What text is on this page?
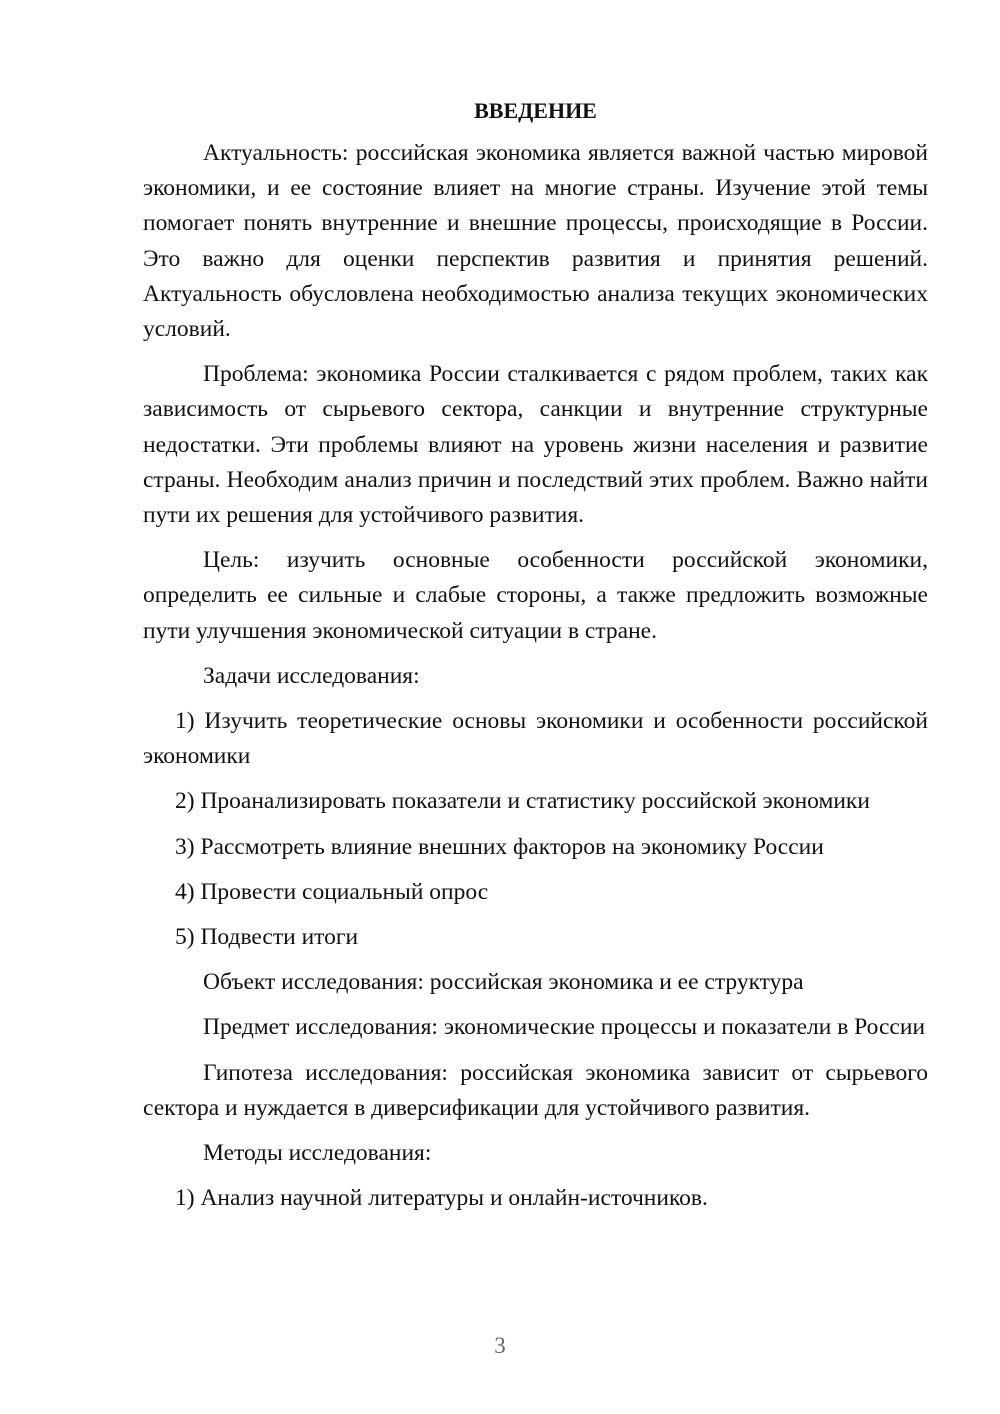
ВВЕДЕНИЕ

Актуальность: российская экономика является важной частью мировой экономики, и ее состояние влияет на многие страны. Изучение этой темы помогает понять внутренние и внешние процессы, происходящие в России. Это важно для оценки перспектив развития и принятия решений. Актуальность обусловлена необходимостью анализа текущих экономических условий.

Проблема: экономика России сталкивается с рядом проблем, таких как зависимость от сырьевого сектора, санкции и внутренние структурные недостатки. Эти проблемы влияют на уровень жизни населения и развитие страны. Необходим анализ причин и последствий этих проблем. Важно найти пути их решения для устойчивого развития.

Цель: изучить основные особенности российской экономики, определить ее сильные и слабые стороны, а также предложить возможные пути улучшения экономической ситуации в стране.

Задачи исследования:

1) Изучить теоретические основы экономики и особенности российской экономики

2) Проанализировать показатели и статистику российской экономики

3) Рассмотреть влияние внешних факторов на экономику России

4) Провести социальный опрос

5) Подвести итоги

Объект исследования: российская экономика и ее структура

Предмет исследования: экономические процессы и показатели в России

Гипотеза исследования: российская экономика зависит от сырьевого сектора и нуждается в диверсификации для устойчивого развития.

Методы исследования:

1) Анализ научной литературы и онлайн-источников.

3
